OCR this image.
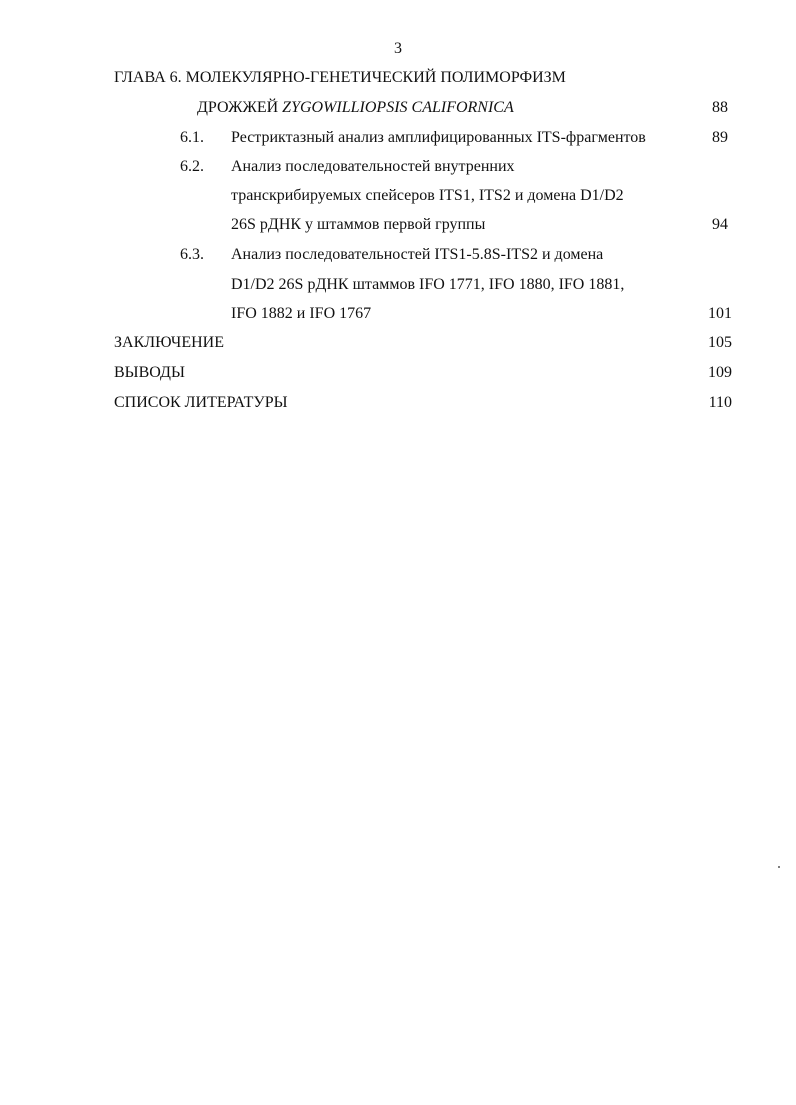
3
ГЛАВА 6. МОЛЕКУЛЯРНО-ГЕНЕТИЧЕСКИЙ ПОЛИМОРФИЗМ
ДРОЖЖЕЙ ZYGOWILLIOPSIS CALIFORNICA	88
6.1. Рестриктазный анализ амплифицированных ITS-фрагментов	89
6.2. Анализ последовательностей внутренних
транскрибируемых спейсеров ITS1, ITS2 и домена D1/D2
26S рДНК у штаммов первой группы	94
6.3. Анализ последовательностей ITS1-5.8S-ITS2 и домена
D1/D2 26S рДНК штаммов IFO 1771, IFO 1880, IFO 1881,
IFO 1882 и IFO 1767	101
ЗАКЛЮЧЕНИЕ	105
ВЫВОДЫ	109
СПИСОК ЛИТЕРАТУРЫ	110
